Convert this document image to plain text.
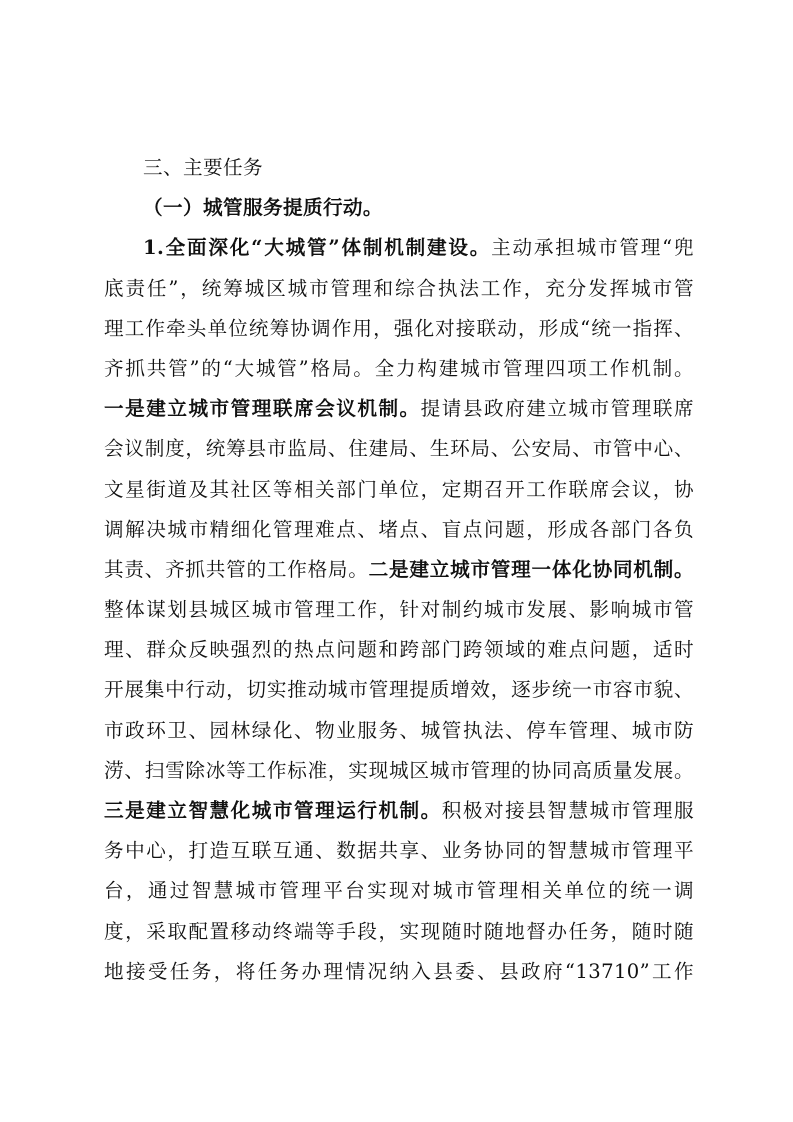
三、主要任务
（一）城管服务提质行动。
1.全面深化“大城管”体制机制建设。主动承担城市管理“兜
底责任”，统筹城区城市管理和综合执法工作，充分发挥城市管
理工作牵头单位统筹协调作用，强化对接联动，形成“统一指挥、
齐抓共管”的“大城管”格局。全力构建城市管理四项工作机制。
一是建立城市管理联席会议机制。提请县政府建立城市管理联席
会议制度，统筹县市监局、住建局、生环局、公安局、市管中心、
文星街道及其社区等相关部门单位，定期召开工作联席会议，协
调解决城市精细化管理难点、堵点、盲点问题，形成各部门各负
其责、齐抓共管的工作格局。二是建立城市管理一体化协同机制。
整体谋划县城区城市管理工作，针对制约城市发展、影响城市管
理、群众反映强烈的热点问题和跨部门跨领域的难点问题，适时
开展集中行动，切实推动城市管理提质增效，逐步统一市容市貌、
市政环卫、园林绿化、物业服务、城管执法、停车管理、城市防
涝、扫雪除冰等工作标准，实现城区城市管理的协同高质量发展。
三是建立智慧化城市管理运行机制。积极对接县智慧城市管理服
务中心，打造互联互通、数据共享、业务协同的智慧城市管理平
台，通过智慧城市管理平台实现对城市管理相关单位的统一调
度，采取配置移动终端等手段，实现随时随地督办任务，随时随
地接受任务，将任务办理情况纳入县委、县政府“13710”工作
